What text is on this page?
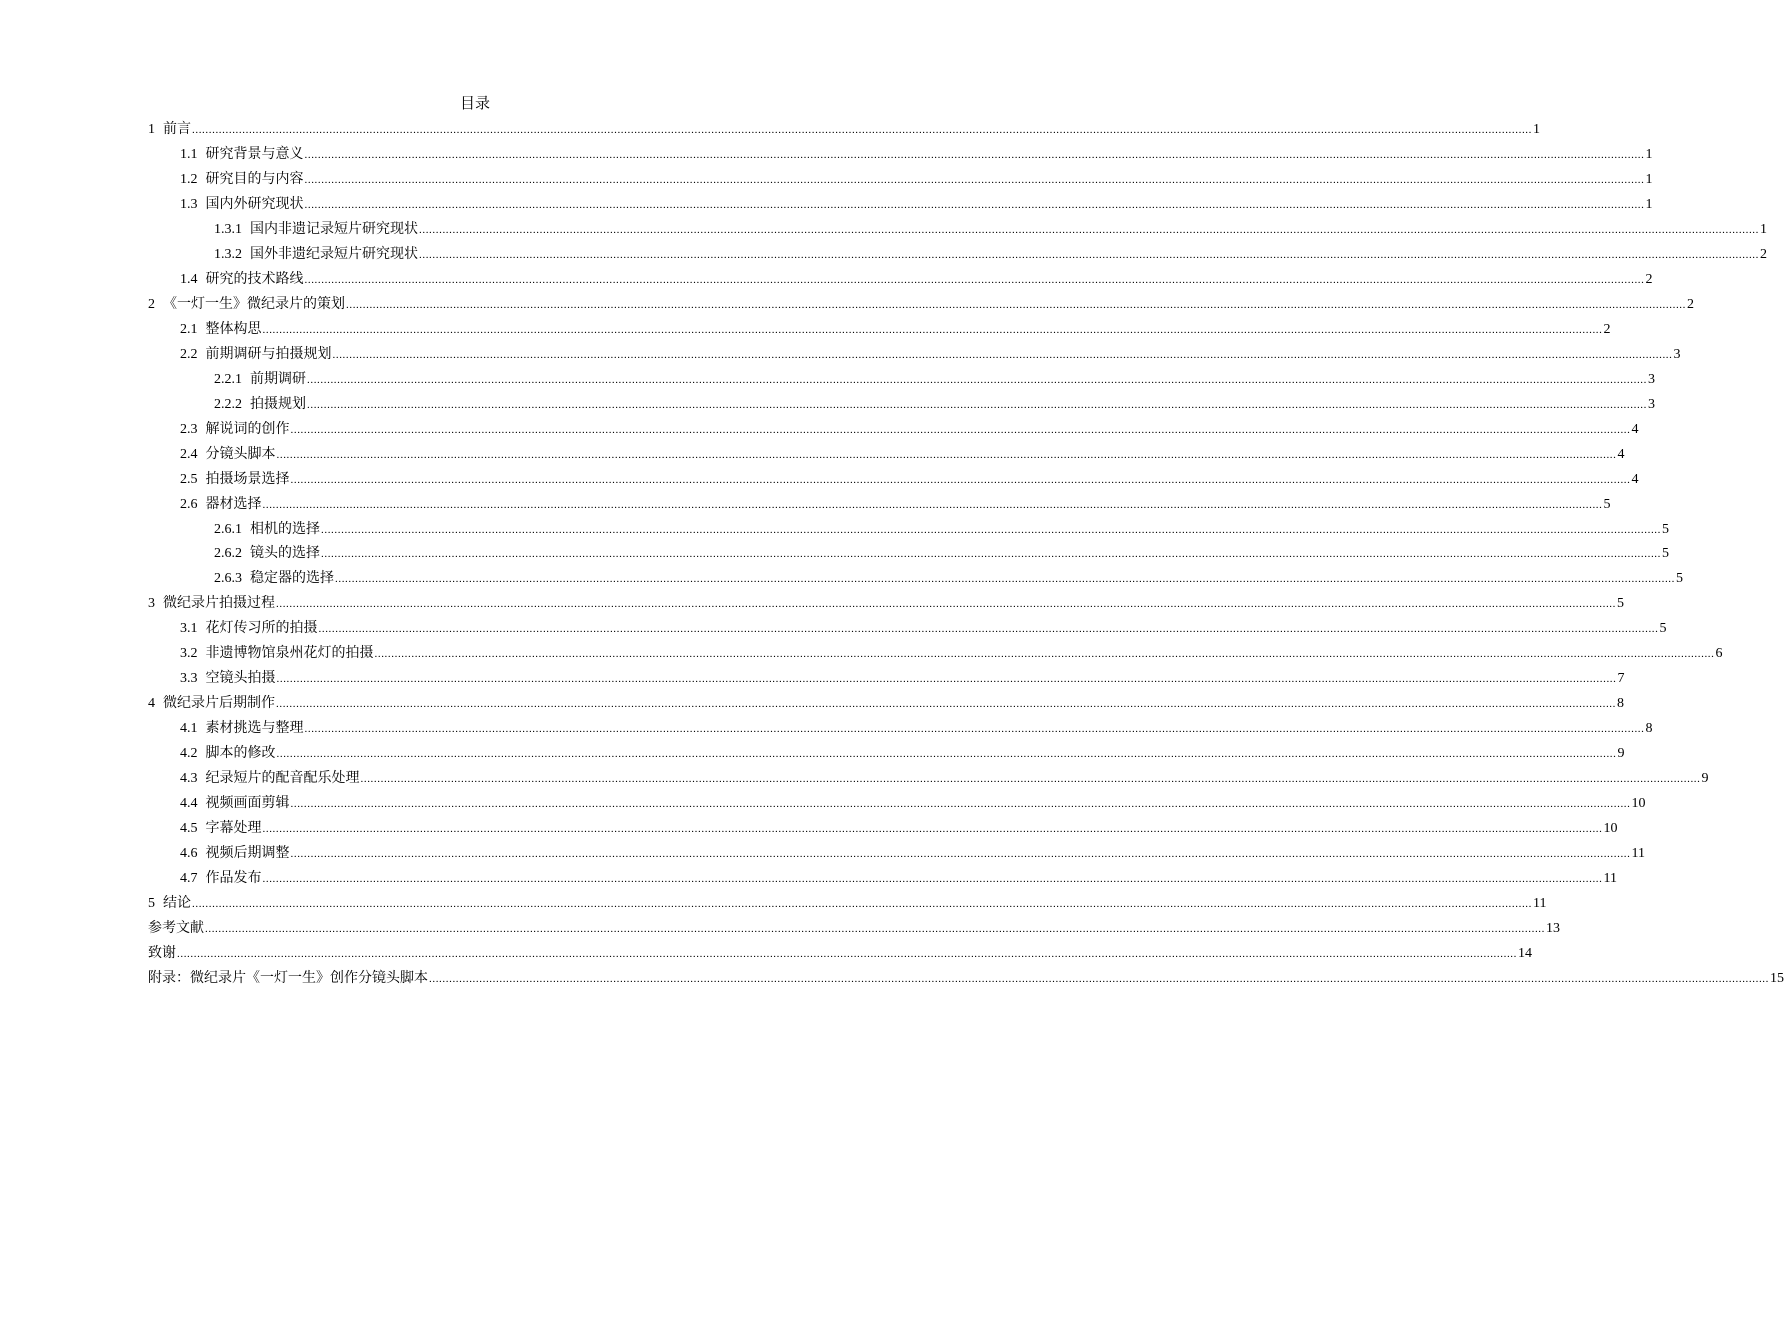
目录
1 前言 ................................................................................................................................................................................................................................................................................................................................................................................................................ 1
1.1 研究背景与意义 ................................................................................................................................................................................................................................................................................................................................................................................................................ 1
1.2 研究目的与内容 ................................................................................................................................................................................................................................................................................................................................................................................................................ 1
1.3 国内外研究现状 ................................................................................................................................................................................................................................................................................................................................................................................................................ 1
1.3.1 国内非遗记录短片研究现状 ................................................................................................................................................................................................................................................................................................................................................................................................................ 1
1.3.2 国外非遗纪录短片研究现状 ................................................................................................................................................................................................................................................................................................................................................................................................................ 2
1.4 研究的技术路线 ................................................................................................................................................................................................................................................................................................................................................................................................................ 2
2 《一灯一生》微纪录片的策划 ................................................................................................................................................................................................................................................................................................................................................................................................................ 2
2.1 整体构思 ................................................................................................................................................................................................................................................................................................................................................................................................................ 2
2.2 前期调研与拍摄规划 ................................................................................................................................................................................................................................................................................................................................................................................................................ 3
2.2.1 前期调研 ................................................................................................................................................................................................................................................................................................................................................................................................................ 3
2.2.2 拍摄规划 ................................................................................................................................................................................................................................................................................................................................................................................................................ 3
2.3 解说词的创作 ................................................................................................................................................................................................................................................................................................................................................................................................................ 4
2.4 分镜头脚本 ................................................................................................................................................................................................................................................................................................................................................................................................................ 4
2.5 拍摄场景选择 ................................................................................................................................................................................................................................................................................................................................................................................................................ 4
2.6 器材选择 ................................................................................................................................................................................................................................................................................................................................................................................................................ 5
2.6.1 相机的选择 ................................................................................................................................................................................................................................................................................................................................................................................................................ 5
2.6.2 镜头的选择 ................................................................................................................................................................................................................................................................................................................................................................................................................ 5
2.6.3 稳定器的选择 ................................................................................................................................................................................................................................................................................................................................................................................................................ 5
3 微纪录片拍摄过程 ................................................................................................................................................................................................................................................................................................................................................................................................................ 5
3.1 花灯传习所的拍摄 ................................................................................................................................................................................................................................................................................................................................................................................................................ 5
3.2 非遗博物馆泉州花灯的拍摄 ................................................................................................................................................................................................................................................................................................................................................................................................................ 6
3.3 空镜头拍摄 ................................................................................................................................................................................................................................................................................................................................................................................................................ 7
4 微纪录片后期制作 ................................................................................................................................................................................................................................................................................................................................................................................................................ 8
4.1 素材挑选与整理 ................................................................................................................................................................................................................................................................................................................................................................................................................ 8
4.2 脚本的修改 ................................................................................................................................................................................................................................................................................................................................................................................................................ 9
4.3 纪录短片的配音配乐处理 ................................................................................................................................................................................................................................................................................................................................................................................................................ 9
4.4 视频画面剪辑 ................................................................................................................................................................................................................................................................................................................................................................................................................ 10
4.5 字幕处理 ................................................................................................................................................................................................................................................................................................................................................................................................................ 10
4.6 视频后期调整 ................................................................................................................................................................................................................................................................................................................................................................................................................ 11
4.7 作品发布 ................................................................................................................................................................................................................................................................................................................................................................................................................ 11
5 结论 ................................................................................................................................................................................................................................................................................................................................................................................................................ 11
参考文献 ................................................................................................................................................................................................................................................................................................................................................................................................................ 13
致谢 ................................................................................................................................................................................................................................................................................................................................................................................................................ 14
附录：微纪录片《一灯一生》创作分镜头脚本 ................................................................................................................................................................................................................................................................................................................................................................................................................ 15
